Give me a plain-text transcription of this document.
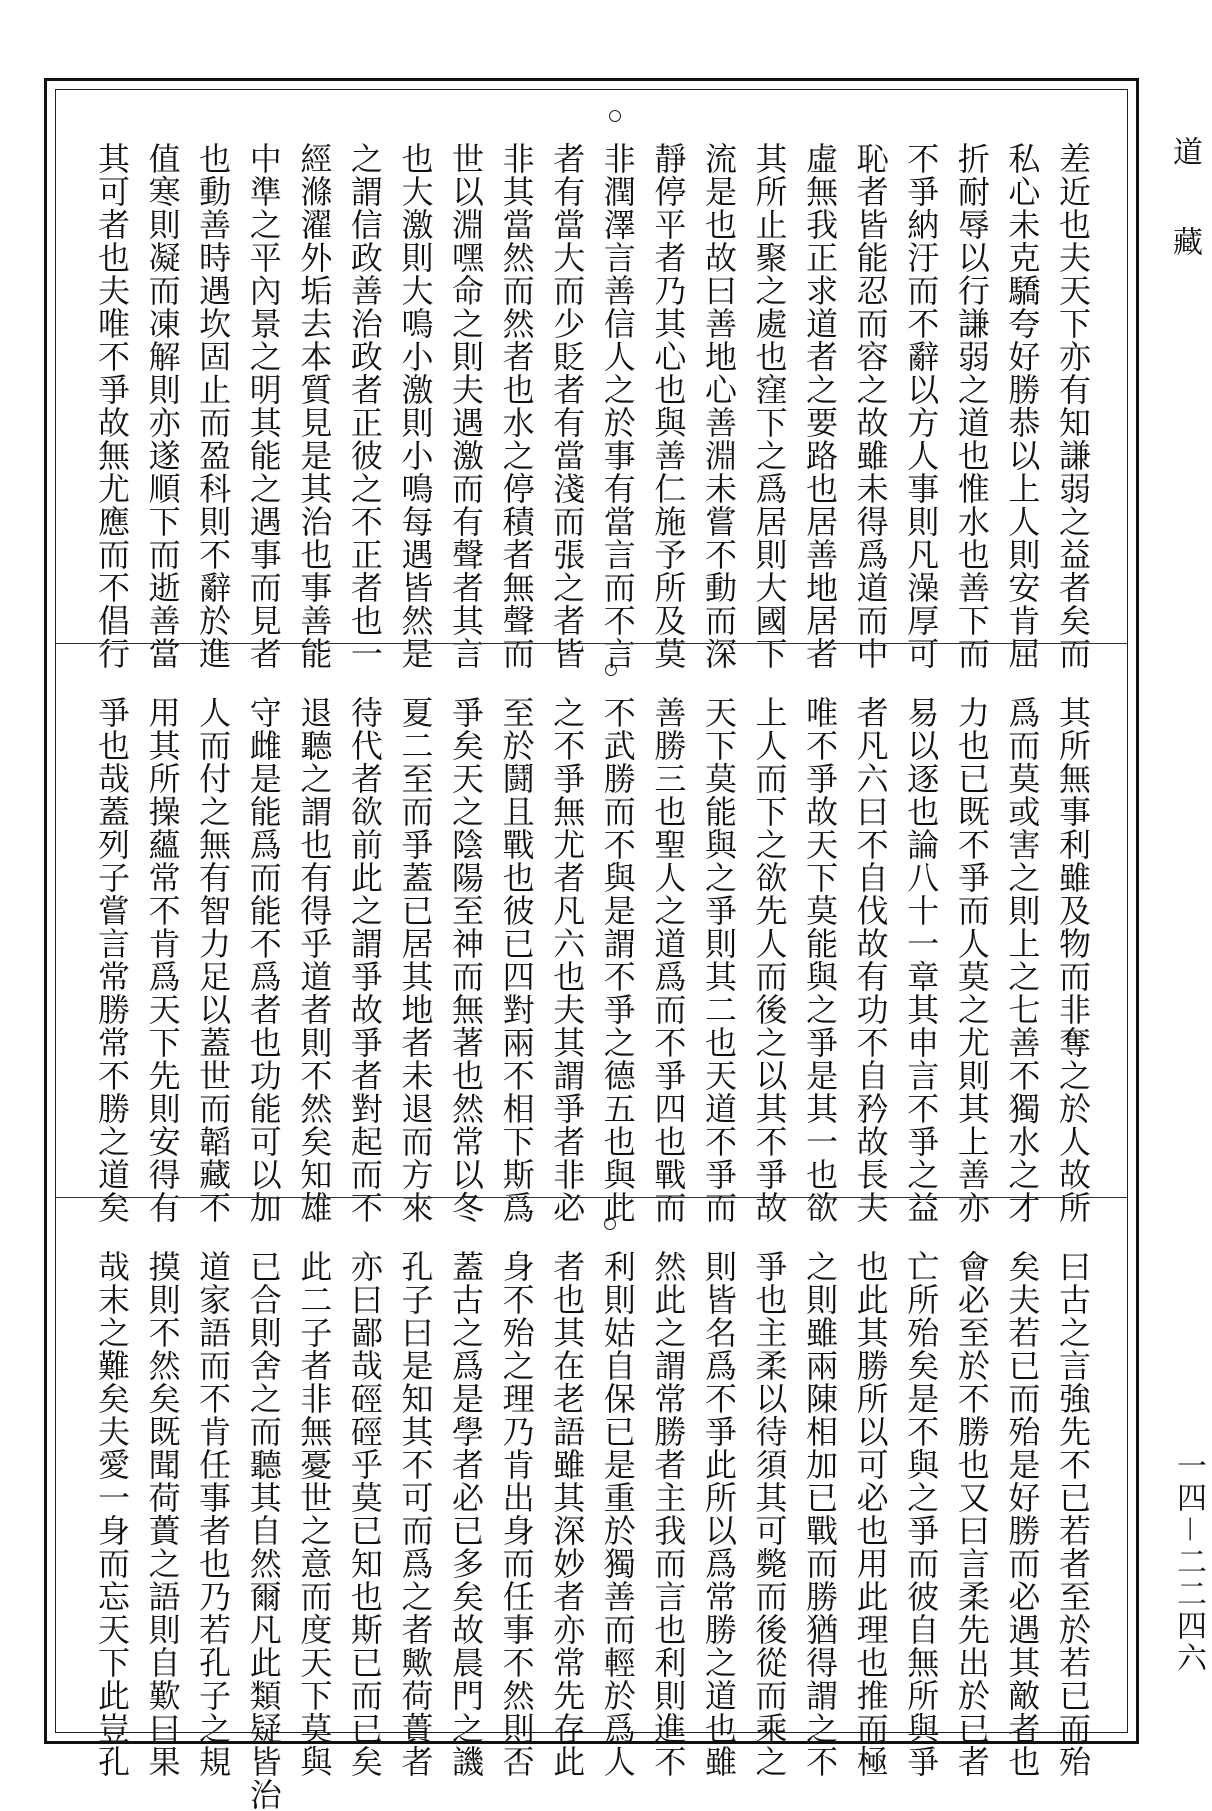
差近也夫天下亦有知謙弱之益者矣而
私心未克驕夸好勝恭以上人則安肯屈
折耐辱以行謙弱之道也惟水也善下而
不爭納汙而不辭以方人事則凡澡厚可
恥者皆能忍而容之故雖未得爲道而中
虛無我正求道者之要路也居善地居者
其所止聚之處也窪下之爲居則大國下
流是也故曰善地心善淵未嘗不動而深
靜停平者乃其心也與善仁施予所及莫
非潤澤言善信人之於事有當言而不言
者有當大而少貶者有當淺而張之者皆
非其當然而然者也水之停積者無聲而
世以淵嘿命之則夫遇激而有聲者其言
也大激則大鳴小激則小鳴每遇皆然是
之謂信政善治政者正彼之不正者也一
經滌濯外垢去本質見是其治也事善能
中準之平內景之明其能之遇事而見者
也動善時遇坎固止而盈科則不辭於進
值寒則凝而凍解則亦遂順下而逝善當
其可者也夫唯不爭故無尤應而不倡行
其所無事利雖及物而非奪之於人故所
爲而莫或害之則上之七善不獨水之才
力也已既不爭而人莫之尤則其上善亦
易以逐也論八十一章其申言不爭之益
者凡六曰不自伐故有功不自矜故長夫
唯不爭故天下莫能與之爭是其一也欲
上人而下之欲先人而後之以其不爭故
天下莫能與之爭則其二也天道不爭而
善勝三也聖人之道爲而不爭四也戰而
不武勝而不與是謂不爭之德五也與此
之不爭無尤者凡六也夫其謂爭者非必
至於鬪且戰也彼已四對兩不相下斯爲
爭矣天之陰陽至神而無著也然常以冬
夏二至而爭蓋已居其地者未退而方來
待代者欲前此之謂爭故爭者對起而不
退聽之謂也有得乎道者則不然矣知雄
守雌是能爲而能不爲者也功能可以加
人而付之無有智力足以蓋世而韜藏不
用其所操蘊常不肯爲天下先則安得有
爭也哉蓋列子嘗言常勝常不勝之道矣
曰古之言強先不已若者至於若已而殆
矣夫若已而殆是好勝而必遇其敵者也
會必至於不勝也又曰言柔先出於已者
亡所殆矣是不與之爭而彼自無所與爭
也此其勝所以可必也用此理也推而極
之則雖兩陳相加已戰而勝猶得謂之不
爭也主柔以待須其可斃而後從而乘之
則皆名爲不爭此所以爲常勝之道也雖
然此之謂常勝者主我而言也利則進不
利則姑自保已是重於獨善而輕於爲人
者也其在老語雖其深妙者亦常先存此
身不殆之理乃肯出身而任事不然則否
蓋古之爲是學者必已多矣故晨門之譏
孔子曰是知其不可而爲之者歟荷蕢者
亦曰鄙哉硜硜乎莫已知也斯已而已矣
此二子者非無憂世之意而度天下莫與
已合則舍之而聽其自然爾凡此類疑皆治
道家語而不肯任事者也乃若孔子之規
摸則不然矣既聞荷蕢之語則自歎曰果
哉末之難矣夫愛一身而忘天下此豈孔
道藏
一四－二二四六
